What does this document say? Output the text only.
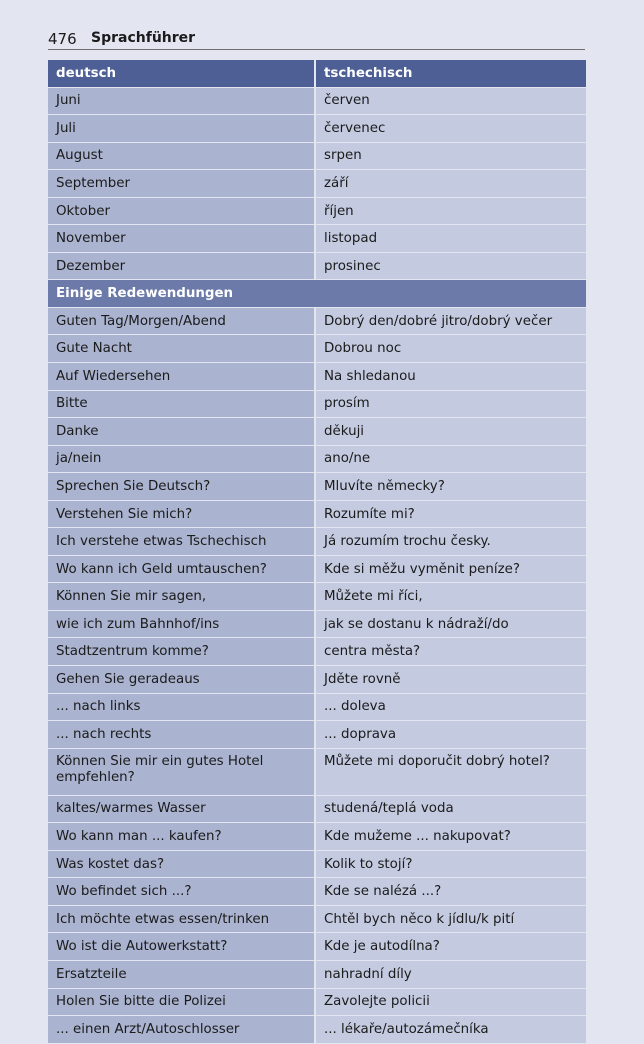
476 Sprachführer
deutsch	tschechisch
Juni	červen
Juli	červenec
August	srpen
September	září
Oktober	říjen
November	listopad
Dezember	prosinec
Einige Redewendungen	
Guten Tag/Morgen/Abend	Dobrý den/dobré jitro/dobrý večer
Gute Nacht	Dobrou noc
Auf Wiedersehen	Na shledanou
Bitte	prosím
Danke	děkuji
ja/nein	ano/ne
Sprechen Sie Deutsch?	Mluvíte německy?
Verstehen Sie mich?	Rozumíte mi?
Ich verstehe etwas Tschechisch	Já rozumím trochu česky.
Wo kann ich Geld umtauschen?	Kde si měžu vyměnit peníze?
Können Sie mir sagen,	Můžete mi říci,
wie ich zum Bahnhof/ins	jak se dostanu k nádraží/do
Stadtzentrum komme?	centra města?
Gehen Sie geradeaus	Jděte rovně
... nach links	... doleva
... nach rechts	... doprava
Können Sie mir ein gutes Hotel empfehlen?	Můžete mi doporučit dobrý hotel?
kaltes/warmes Wasser	studená/teplá voda
Wo kann man ... kaufen?	Kde mužeme ... nakupovat?
Was kostet das?	Kolik to stojí?
Wo befindet sich ...?	Kde se nalézá ...?
Ich möchte etwas essen/trinken	Chtěl bych něco k jídlu/k pití
Wo ist die Autowerkstatt?	Kde je autodílna?
Ersatzteile	nahradní díly
Holen Sie bitte die Polizei	Zavolejte policii
... einen Arzt/Autoschlosser	... lékaře/autozámečníka
